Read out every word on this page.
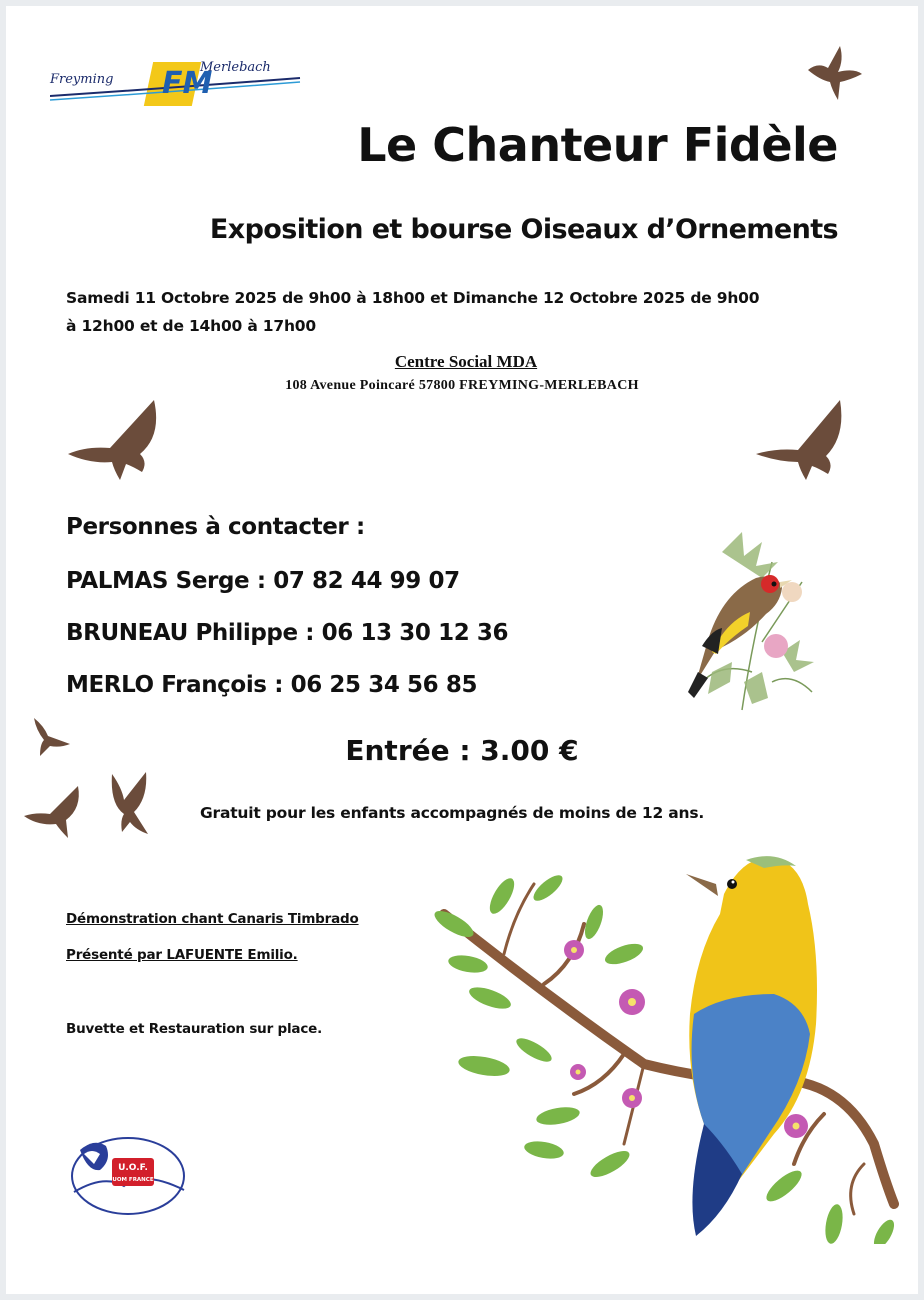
Freyming
Merlebach
FM
Le Chanteur Fidèle
Exposition et bourse Oiseaux d’Ornements
Samedi 11 Octobre 2025 de 9h00 à 18h00 et Dimanche 12 Octobre 2025 de 9h00
à 12h00 et de 14h00 à 17h00
Centre Social MDA
108 Avenue Poincaré 57800 FREYMING-MERLEBACH
Personnes à contacter :
PALMAS Serge : 07 82 44 99 07
BRUNEAU Philippe : 06 13 30 12 36
MERLO François : 06 25 34 56 85
Entrée : 3.00 €
Gratuit pour les enfants accompagnés de moins de 12 ans.
Démonstration chant Canaris Timbrado
Présenté par LAFUENTE Emilio.
Buvette et Restauration sur place.
U.O.F.
UOM FRANCE
